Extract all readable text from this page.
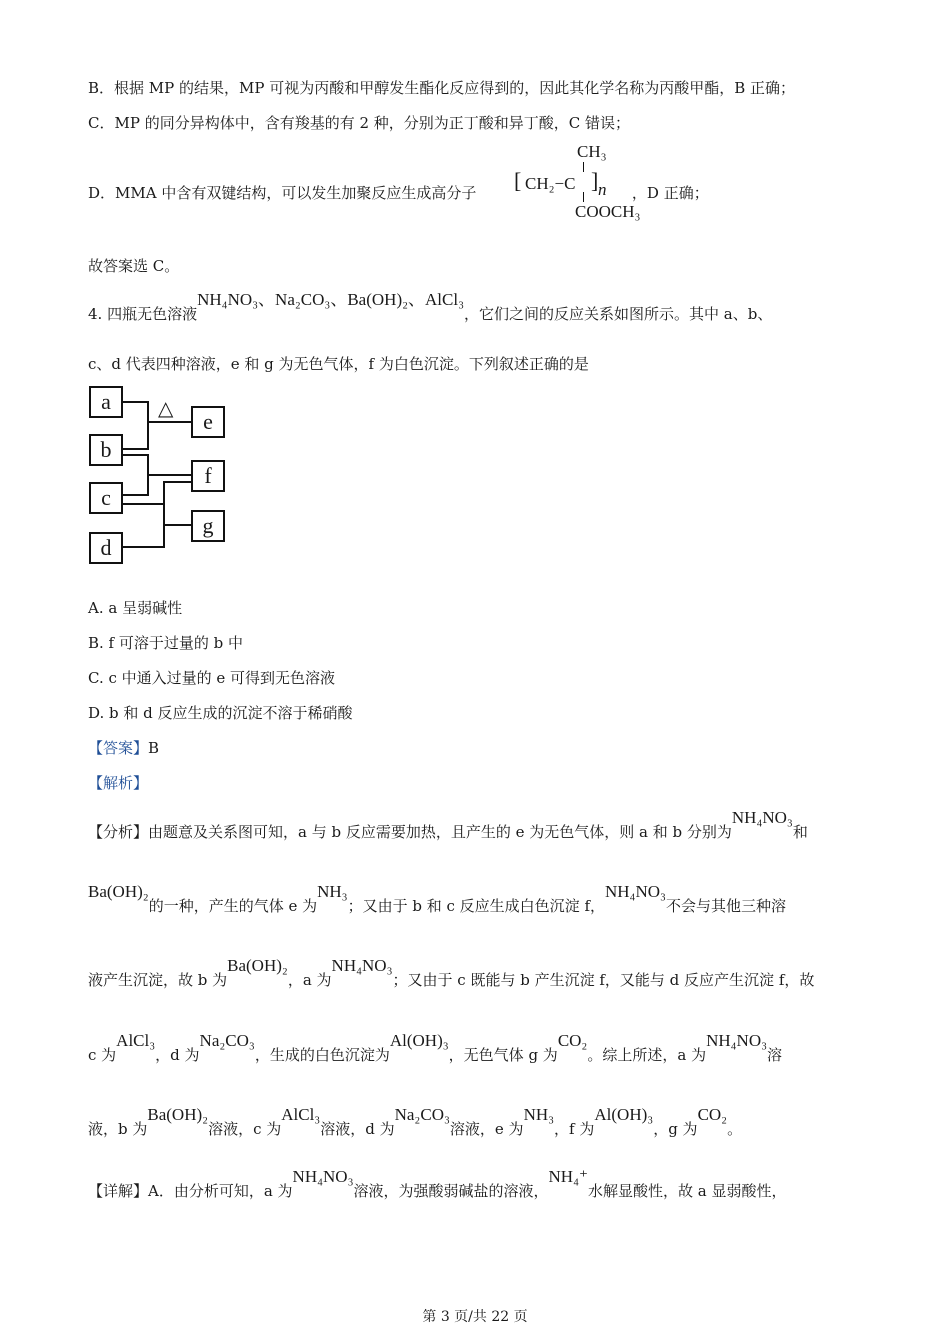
B．根据 MP 的结果，MP 可视为丙酸和甲醇发生酯化反应得到的，因此其化学名称为丙酸甲酯，B 正确；
C．MP 的同分异构体中，含有羧基的有 2 种，分别为正丁酸和异丁酸，C 错误；
D．MMA 中含有双键结构，可以发生加聚反应生成高分子	，D 正确；
CH₃
[ CH₂−C ] n
COOCH₃
故答案选 C。
4. 四瓶无色溶液NH₄NO₃、Na₂CO₃、Ba(OH)₂、AlCl₃，它们之间的反应关系如图所示。其中 a、b、
c、d 代表四种溶液，e 和 g 为无色气体，f 为白色沉淀。下列叙述正确的是
a
b
c
d
e
f
g
△
A. a 呈弱碱性
B. f 可溶于过量的 b 中
C. c 中通入过量的 e 可得到无色溶液
D. b 和 d 反应生成的沉淀不溶于稀硝酸
【答案】B
【解析】
【分析】由题意及关系图可知，a 与 b 反应需要加热，且产生的 e 为无色气体，则 a 和 b 分别为NH₄NO₃和
Ba(OH)₂的一种，产生的气体 e 为NH₃；又由于 b 和 c 反应生成白色沉淀 f，NH₄NO₃不会与其他三种溶
液产生沉淀，故 b 为Ba(OH)₂，a 为NH₄NO₃；又由于 c 既能与 b 产生沉淀 f，又能与 d 反应产生沉淀 f，故
c 为AlCl₃，d 为Na₂CO₃，生成的白色沉淀为Al(OH)₃，无色气体 g 为CO₂。综上所述，a 为NH₄NO₃溶
液，b 为Ba(OH)₂溶液，c 为AlCl₃溶液，d 为Na₂CO₃溶液，e 为NH₃，f 为Al(OH)₃，g 为CO₂。
【详解】A．由分析可知，a 为NH₄NO₃溶液，为强酸弱碱盐的溶液，NH₄⁺水解显酸性，故 a 显弱酸性，
第 3 页/共 22 页
